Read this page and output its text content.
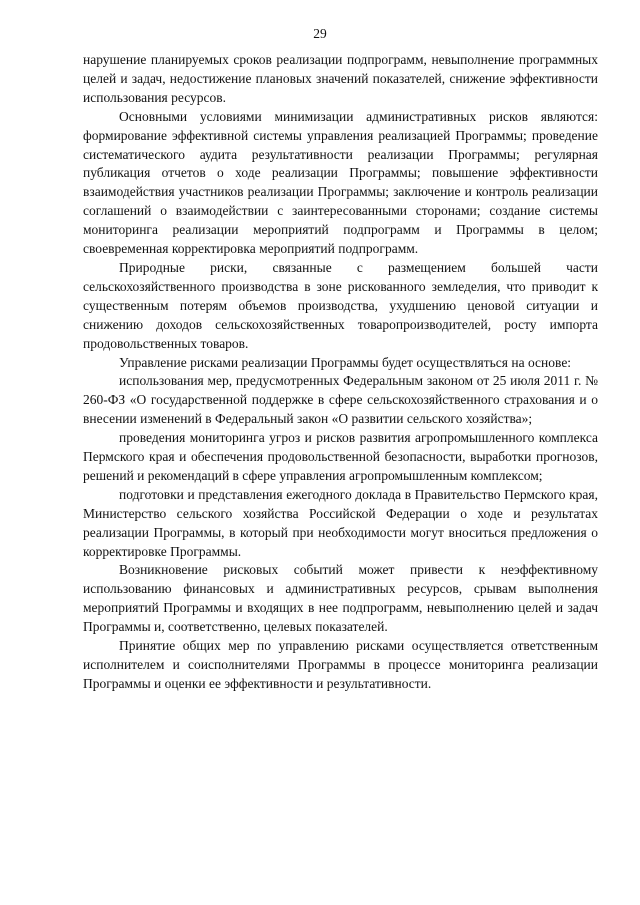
29

нарушение планируемых сроков реализации подпрограмм, невыполнение программных целей и задач, недостижение плановых значений показателей, снижение эффективности использования ресурсов.

Основными условиями минимизации административных рисков являются: формирование эффективной системы управления реализацией Программы; проведение систематического аудита результативности реализации Программы; регулярная публикация отчетов о ходе реализации Программы; повышение эффективности взаимодействия участников реализации Программы; заключение и контроль реализации соглашений о взаимодействии с заинтересованными сторонами; создание системы мониторинга реализации мероприятий подпрограмм и Программы в целом; своевременная корректировка мероприятий подпрограмм.

Природные риски, связанные с размещением большей части сельскохозяйственного производства в зоне рискованного земледелия, что приводит к существенным потерям объемов производства, ухудшению ценовой ситуации и снижению доходов сельскохозяйственных товаропроизводителей, росту импорта продовольственных товаров.

Управление рисками реализации Программы будет осуществляться на основе:

использования мер, предусмотренных Федеральным законом от 25 июля 2011 г. № 260-ФЗ «О государственной поддержке в сфере сельскохозяйственного страхования и о внесении изменений в Федеральный закон «О развитии сельского хозяйства»;

проведения мониторинга угроз и рисков развития агропромышленного комплекса Пермского края и обеспечения продовольственной безопасности, выработки прогнозов, решений и рекомендаций в сфере управления агропромышленным комплексом;

подготовки и представления ежегодного доклада в Правительство Пермского края, Министерство сельского хозяйства Российской Федерации о ходе и результатах реализации Программы, в который при необходимости могут вноситься предложения о корректировке Программы.

Возникновение рисковых событий может привести к неэффективному использованию финансовых и административных ресурсов, срывам выполнения мероприятий Программы и входящих в нее подпрограмм, невыполнению целей и задач Программы и, соответственно, целевых показателей.

Принятие общих мер по управлению рисками осуществляется ответственным исполнителем и соисполнителями Программы в процессе мониторинга реализации Программы и оценки ее эффективности и результативности.
